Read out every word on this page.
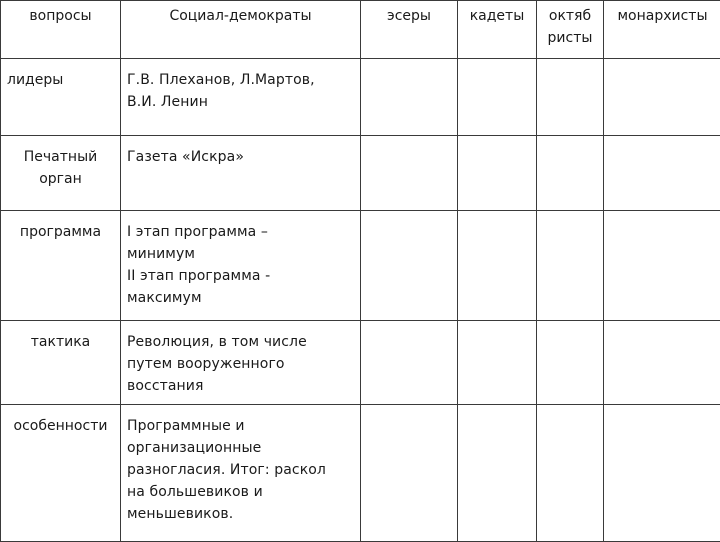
вопросы	Социал-демократы	эсеры	кадеты	октяб
ристы	монархисты

лидеры	Г.В. Плеханов, Л.Мартов,
В.И. Ленин				

Печатный
орган	Газета «Искра»				

программа	I этап программа –
минимум
II этап программа -
максимум				

тактика	Революция, в том числе
путем вооруженного
восстания				

особенности	Программные и
организационные
разногласия. Итог: раскол
на большевиков и
меньшевиков.				
